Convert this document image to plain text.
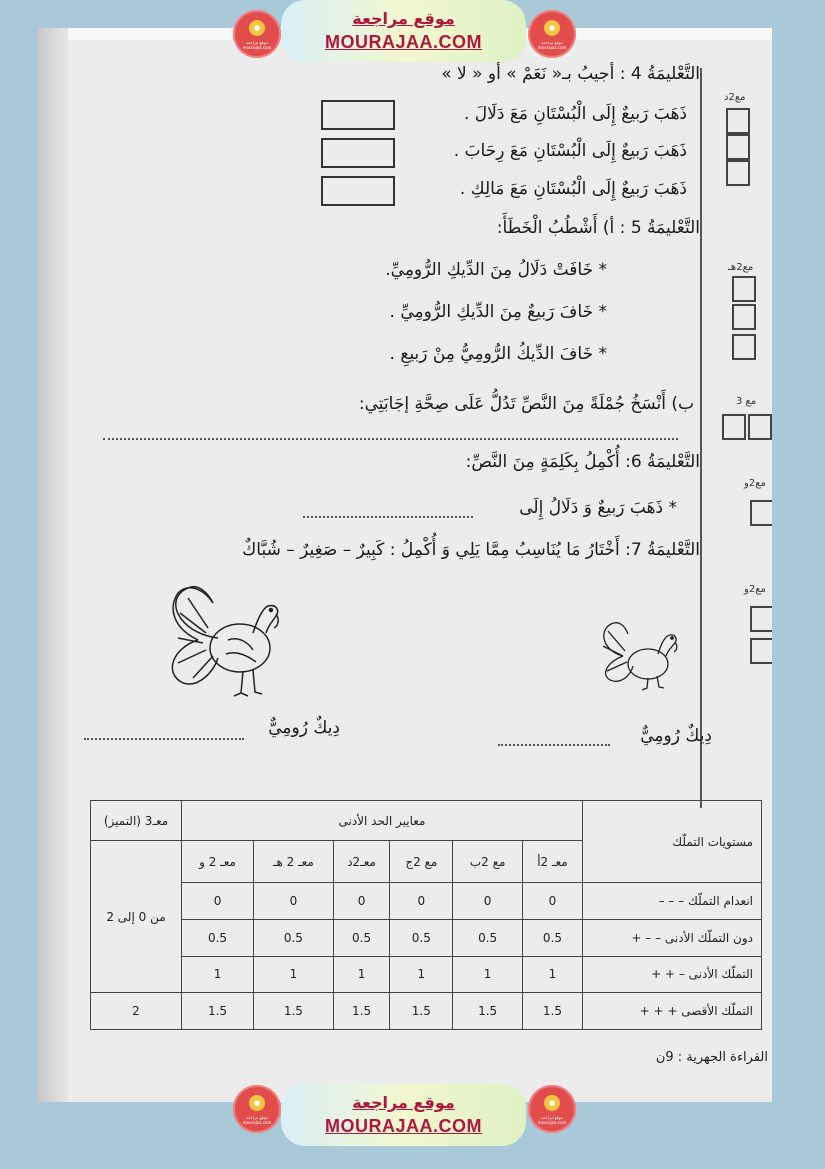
●
موقع مراجعة mourajaa.com
موقع مراجعة
MOURAJAA.COM
●
موقع مراجعة mourajaa.com
التَّعْليمَةُ 4 : أجيبُ بـ« نَعَمْ » أو « لا »
ذَهَبَ رَبيعٌ إِلَى الْبُسْتَانِ مَعَ دَلَالَ .
ذَهَبَ رَبيعٌ إِلَى الْبُسْتَانِ مَعَ رِحَابَ .
ذَهَبَ رَبيعٌ إِلَى الْبُسْتَانِ مَعَ مَالِكِ .
مع2د
التَّعْليمَةُ 5 : أ) أَشْطُبُ الْخَطَأَ:
* خَافَتْ دَلَالُ مِنَ الدِّيكِ الرُّومِيِّ.
* خَافَ رَبيعٌ مِنَ الدِّيكِ الرُّومِيِّ .
* خَافَ الدِّيكُ الرُّومِيُّ مِنْ رَبيعِ .
ب) أَنْسَخُ جُمْلَةً مِنَ النَّصِّ تَدُلُّ عَلَى صِحَّةِ إجَابَتِي:
مع2هـ
مع 3
التَّعْليمَةُ 6: أُكْمِلُ بِكَلِمَةٍ مِنَ النَّصِّ:
* ذَهَبَ رَبيعٌ وَ دَلَالُ إِلَى
مع2و
التَّعْليمَةُ 7: أَخْتَارُ مَا يُنَاسِبُ مِمَّا يَلِي وَ أُكْمِلُ : كَبِيرٌ – صَغِيرٌ – شُبَّاكٌ
مع2و
دِيكٌ رُومِيٌّ	دِيكٌ رُومِيٌّ
مستويات التملّك	معايير الحد الأدنى						معـ3 (التميز)
	معـ 2أ	مع 2ب	مع 2ج	معـ2د	معـ 2 هـ	معـ 2 و	من 0 إلى 2
انعدام التملّك – – –	0	0	0	0	0	0	
دون التملّك الأدنى – – +	0.5	0.5	0.5	0.5	0.5	0.5	
التملّك الأدنى – + +	1	1	1	1	1	1	
التملّك الأقصى + + +	1.5	1.5	1.5	1.5	1.5	1.5	2
القراءة الجهرية : 9ن
●
موقع مراجعة mourajaa.com
موقع مراجعة
MOURAJAA.COM
●
موقع مراجعة mourajaa.com
